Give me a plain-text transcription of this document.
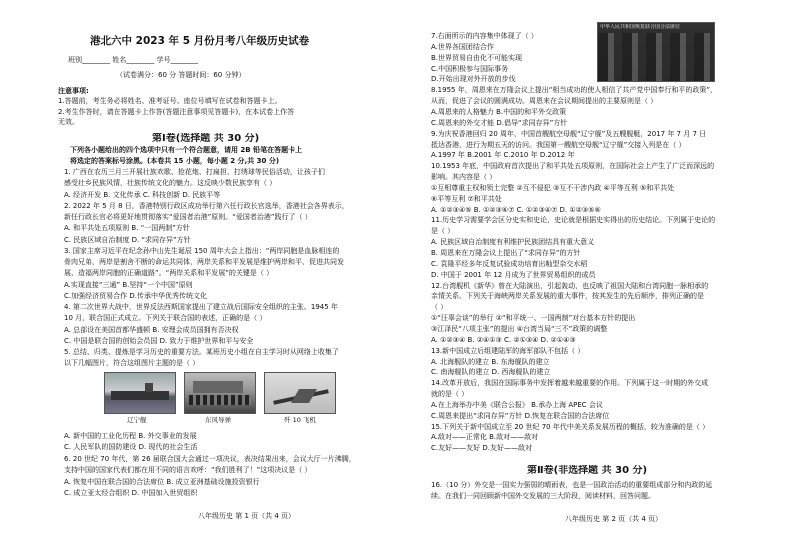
港北六中 2023 年 5 月份月考八年级历史试卷
班别________ 姓名________ 学号________
（试卷满分：60 分 答题时间：60 分钟）
注意事项:
1.答题前，考生务必将姓名、准考证号、座位号填写在试卷和答题卡上。
2.考生作答时，请在答题卡上作答(答题注意事项见答题卡)，在本试卷上作答
无效。
第Ⅰ卷(选择题 共 30 分)
下列各小题给出的四个选项中只有一个符合题意，请用 2B 铅笔在答题卡上
将选定的答案标号涂黑。(本卷共 15 小题，每小题 2 分,共 30 分)
1. 广西在农历三月三开展壮族欢歌、抢花炮、打扁担、打绣球等民俗活动，让孩子们
感受壮乡民族风情，壮族传统文化的魅力。这反映少数民族享有（ ）
A. 经济开发 B. 文化传承 C. 科技创新 D. 民族平等
2. 2022 年 5 月 8 日，香港特别行政区成功举行第六任行政长官选举，香港社会各界表示，
新任行政长官必将更好地贯彻落实“爱国者治港”原则。“爱国者治港”践行了（ ）
A. 和平共处五项原则 B. “一国两制”方针
C. 民族区域自治制度 D. “求同存异”方针
3. 国家主席习近平在纪念孙中山先生诞辰 150 周年大会上指出：“两岸同胞是血脉相连的
骨肉兄弟，两岸是割舍不断的命运共同体，两岸关系和平发展是维护两岸和平、促进共同发
展、造福两岸同胞的正确道路”。“两岸关系和平发展”的关键是（ ）
A.实现直接“三通” B.坚持“一个中国”原则
C.加强经济贸易合作 D.传承中华优秀传统文化
4. 第二次世界大战中，世界反法西斯国家提出了建立战后国际安全组织的主张。1945 年
10 月，联合国正式成立。下列关于联合国的表述，正确的是（ ）
A. 总部设在美国首都华盛顿 B. 安理会成员国拥有否决权
C. 中国是联合国的创始会员国 D. 致力于维护世界和平与安全
5. 总结、归类、提炼是学习历史的重要方法。某班历史小组在自主学习时从网络上收集了
以下几幅图片，符合这组图片主题的是（ ）
辽宁舰	东风导弹	歼 10 飞机
A. 新中国的工业化历程 B. 外交事业的发展
C. 人民军队的国防建设 D. 现代的社会生活
6. 20 世纪 70 年代，第 26 届联合国大会通过一项决议，表决结果出来，会议大厅一片沸腾，
支持中国的国家代表们都在用不同的语言欢呼：“我们胜利了！”这项决议是（ ）
A. 恢复中国在联合国的合法席位 B. 成立亚洲基础设施投资银行
C. 成立亚太经合组织 D. 中国加入世贸组织
八年级历史 第 1 页（共 4 页）
中华人民共和国恢复联合国合法席位
7.右面所示的内容集中体现了（ ）
A.世界各国团结合作
B.世界贸易自由化不可能实现
C.中国积极参与国际事务
D.开始出现对外开放的步伐
8.1955 年，周恩来在万隆会议上提出“相当成功的使人相信了共产党中国奉行和平的政策”，
从而，促进了会议的圆满成功。周恩来在会议期间提出的主要原则是（ ）
A.周恩来的人格魅力 B.中国的和平外交政策
C.周恩来的外交才能 D.倡导“求同存异”方针
9.为庆祝香港回归 20 周年，中国首艘航空母舰“辽宁舰”及五艘舰艇，2017 年 7 月 7 日
抵达香港，进行为期五天的访问。我国第一艘航空母舰“辽宁舰”交接入列是在（ ）
A.1997 年 B.2001 年 C.2010 年 D.2012 年
10.1953 年底，中国政府首次提出了和平共处五项原则，在国际社会上产生了广泛而深远的
影响。其内容是（ ）
①互相尊重主权和领土完整 ②互不侵犯 ③互不干涉内政 ④平等互利 ⑤和平共处
⑥平等互利 ⑦和平共处
A. ①②③④⑤ B. ①②③⑥⑦ C. ①②③④⑦ D. ①②③⑤⑥
11.历史学习需要学会区分史实和史论，史论就是根据史实得出的历史结论。下列属于史论的
是（ ）
A. 民族区域自治制度有利维护民族团结具有重大意义
B. 周恩来在万隆会议上提出了“求同存异”的方针
C. 袁隆平经多年反复试验成功培育出籼型杂交水稻
D. 中国于 2001 年 12 月成为了世界贸易组织的成员
12.台湾舰机《新华》曾在大陆演出，引起轰动，也反映了祖国大陆和台湾同胞一脉相承的
亲情关系。下列关于海峡两岸关系发展的重大事件，按其发生的先后顺序，排列正确的是
（ ）
①“汪辜会谈”的举行 ②“和平统一、一国两制”对台基本方针的提出
③江泽民“八项主张”的提出 ④台湾当局“三不”政策的调整
A. ①②③④ B. ②④①③ C. ②①③④ D. ②①④③
13.新中国成立后组建陆军的海军部队不包括（ ）
A. 北海舰队的建立 B. 东海舰队的建立
C. 南海舰队的建立 D. 西海舰队的建立
14.改革开放后，我国在国际事务中发挥着越来越重要的作用。下列属于这一时期的外交成
就的是（ ）
A.在上海举办中美《联合公报》 B.承办上海 APEC 会议
C.周恩来提出“求同存异”方针 D.恢复在联合国的合法席位
15.下列关于新中国成立至 20 世纪 70 年代中美关系发展历程的概括，较为准确的是（ ）
A.敌对——正常化 B.敌对——敌对
C.友好——友好 D.友好——敌对
第Ⅱ卷(非选择题 共 30 分)
16.（10 分）外交是一国实力强弱的晴雨表，也是一国政治活动的重要组成部分和内政的延
续。在我们一同回顾新中国外交发展的三大阶段，阅读材料，回答问题。
八年级历史 第 2 页（共 4 页）
